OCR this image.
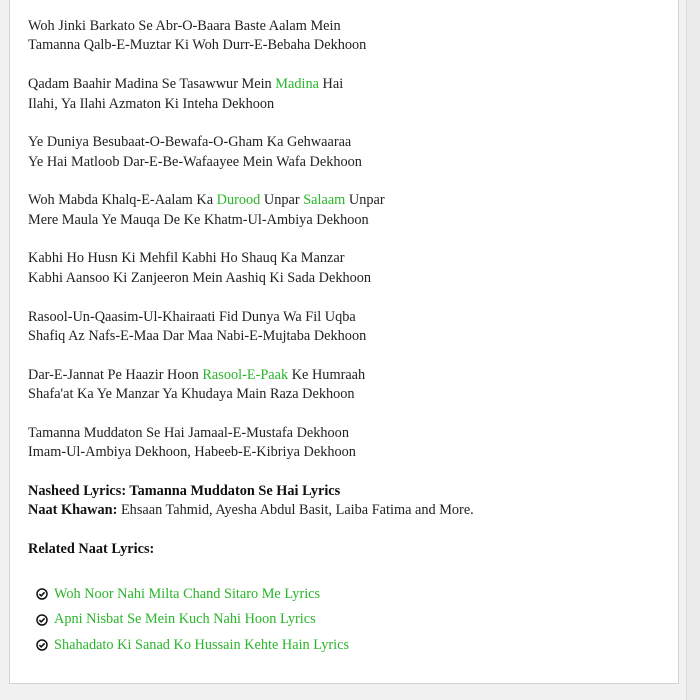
Woh Jinki Barkato Se Abr-O-Baara Baste Aalam Mein
Tamanna Qalb-E-Muztar Ki Woh Durr-E-Bebaha Dekhoon
Qadam Baahir Madina Se Tasawwur Mein Madina Hai
Ilahi, Ya Ilahi Azmaton Ki Inteha Dekhoon
Ye Duniya Besubaat-O-Bewafa-O-Gham Ka Gehwaaraa
Ye Hai Matloob Dar-E-Be-Wafaayee Mein Wafa Dekhoon
Woh Mabda Khalq-E-Aalam Ka Durood Unpar Salaam Unpar
Mere Maula Ye Mauqa De Ke Khatm-Ul-Ambiya Dekhoon
Kabhi Ho Husn Ki Mehfil Kabhi Ho Shauq Ka Manzar
Kabhi Aansoo Ki Zanjeeron Mein Aashiq Ki Sada Dekhoon
Rasool-Un-Qaasim-Ul-Khairaati Fid Dunya Wa Fil Uqba
Shafiq Az Nafs-E-Maa Dar Maa Nabi-E-Mujtaba Dekhoon
Dar-E-Jannat Pe Haazir Hoon Rasool-E-Paak Ke Humraah
Shafa'at Ka Ye Manzar Ya Khudaya Main Raza Dekhoon
Tamanna Muddaton Se Hai Jamaal-E-Mustafa Dekhoon
Imam-Ul-Ambiya Dekhoon, Habeeb-E-Kibriya Dekhoon
Nasheed Lyrics: Tamanna Muddaton Se Hai Lyrics
Naat Khawan: Ehsaan Tahmid, Ayesha Abdul Basit, Laiba Fatima and More.
Related Naat Lyrics:
Woh Noor Nahi Milta Chand Sitaro Me Lyrics
Apni Nisbat Se Mein Kuch Nahi Hoon Lyrics
Shahadato Ki Sanad Ko Hussain Kehte Hain Lyrics
